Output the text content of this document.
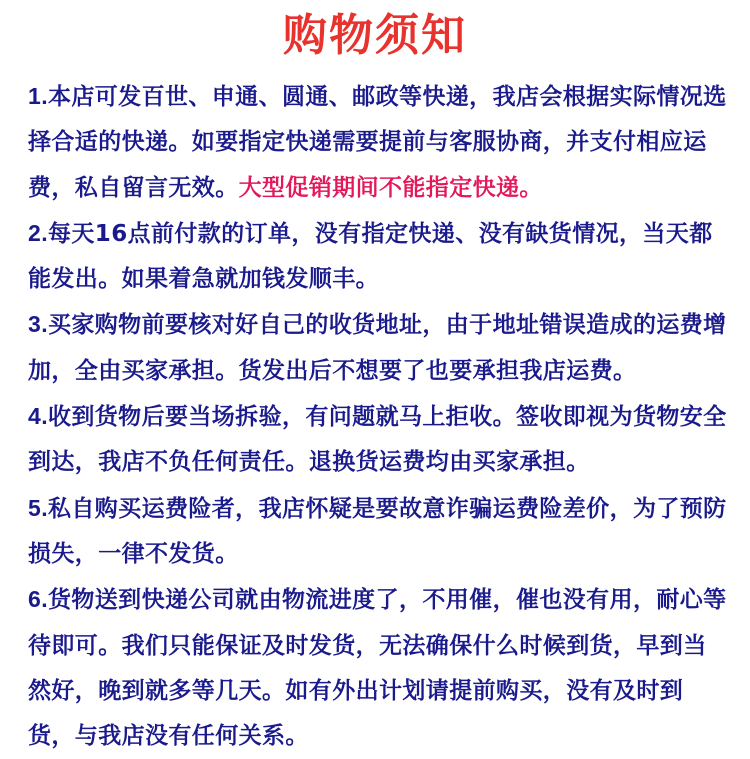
购物须知

1.本店可发百世、申通、圆通、邮政等快递，我店会根据实际情况选择合适的快递。如要指定快递需要提前与客服协商，并支付相应运费，私自留言无效。大型促销期间不能指定快递。

2.每天16点前付款的订单，没有指定快递、没有缺货情况，当天都能发出。如果着急就加钱发顺丰。

3.买家购物前要核对好自己的收货地址，由于地址错误造成的运费增加，全由买家承担。货发出后不想要了也要承担我店运费。

4.收到货物后要当场拆验，有问题就马上拒收。签收即视为货物安全到达，我店不负任何责任。退换货运费均由买家承担。

5.私自购买运费险者，我店怀疑是要故意诈骗运费险差价，为了预防损失，一律不发货。

6.货物送到快递公司就由物流进度了，不用催，催也没有用，耐心等待即可。我们只能保证及时发货，无法确保什么时候到货，早到当然好，晚到就多等几天。如有外出计划请提前购买，没有及时到货，与我店没有任何关系。
